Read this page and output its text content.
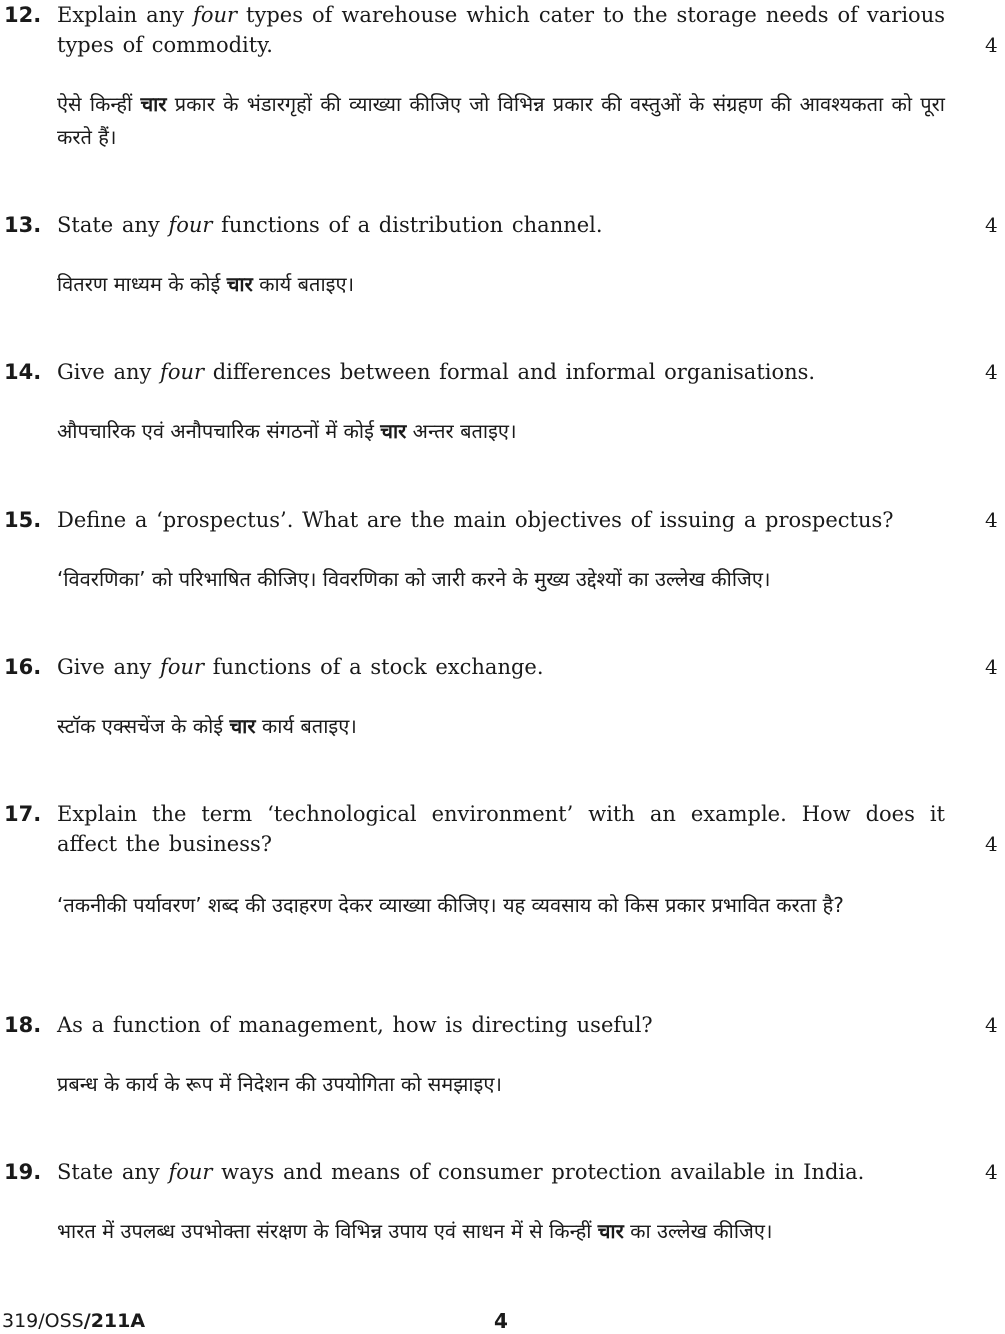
12. Explain any four types of warehouse which cater to the storage needs of various types of commodity.	4
ऐसे किन्हीं चार प्रकार के भंडारगृहों की व्याख्या कीजिए जो विभिन्न प्रकार की वस्तुओं के संग्रहण की आवश्यकता को पूरा करते हैं।
13. State any four functions of a distribution channel.	4
वितरण माध्यम के कोई चार कार्य बताइए।
14. Give any four differences between formal and informal organisations.	4
औपचारिक एवं अनौपचारिक संगठनों में कोई चार अन्तर बताइए।
15. Define a ‘prospectus’. What are the main objectives of issuing a prospectus?	4
‘विवरणिका’ को परिभाषित कीजिए। विवरणिका को जारी करने के मुख्य उद्देश्यों का उल्लेख कीजिए।
16. Give any four functions of a stock exchange.	4
स्टॉक एक्सचेंज के कोई चार कार्य बताइए।
17. Explain the term ‘technological environment’ with an example. How does it affect the business?	4
‘तकनीकी पर्यावरण’ शब्द की उदाहरण देकर व्याख्या कीजिए। यह व्यवसाय को किस प्रकार प्रभावित करता है?
18. As a function of management, how is directing useful?	4
प्रबन्ध के कार्य के रूप में निदेशन की उपयोगिता को समझाइए।
19. State any four ways and means of consumer protection available in India.	4
भारत में उपलब्ध उपभोक्ता संरक्षण के विभिन्न उपाय एवं साधन में से किन्हीं चार का उल्लेख कीजिए।
319/OSS/211A	4
